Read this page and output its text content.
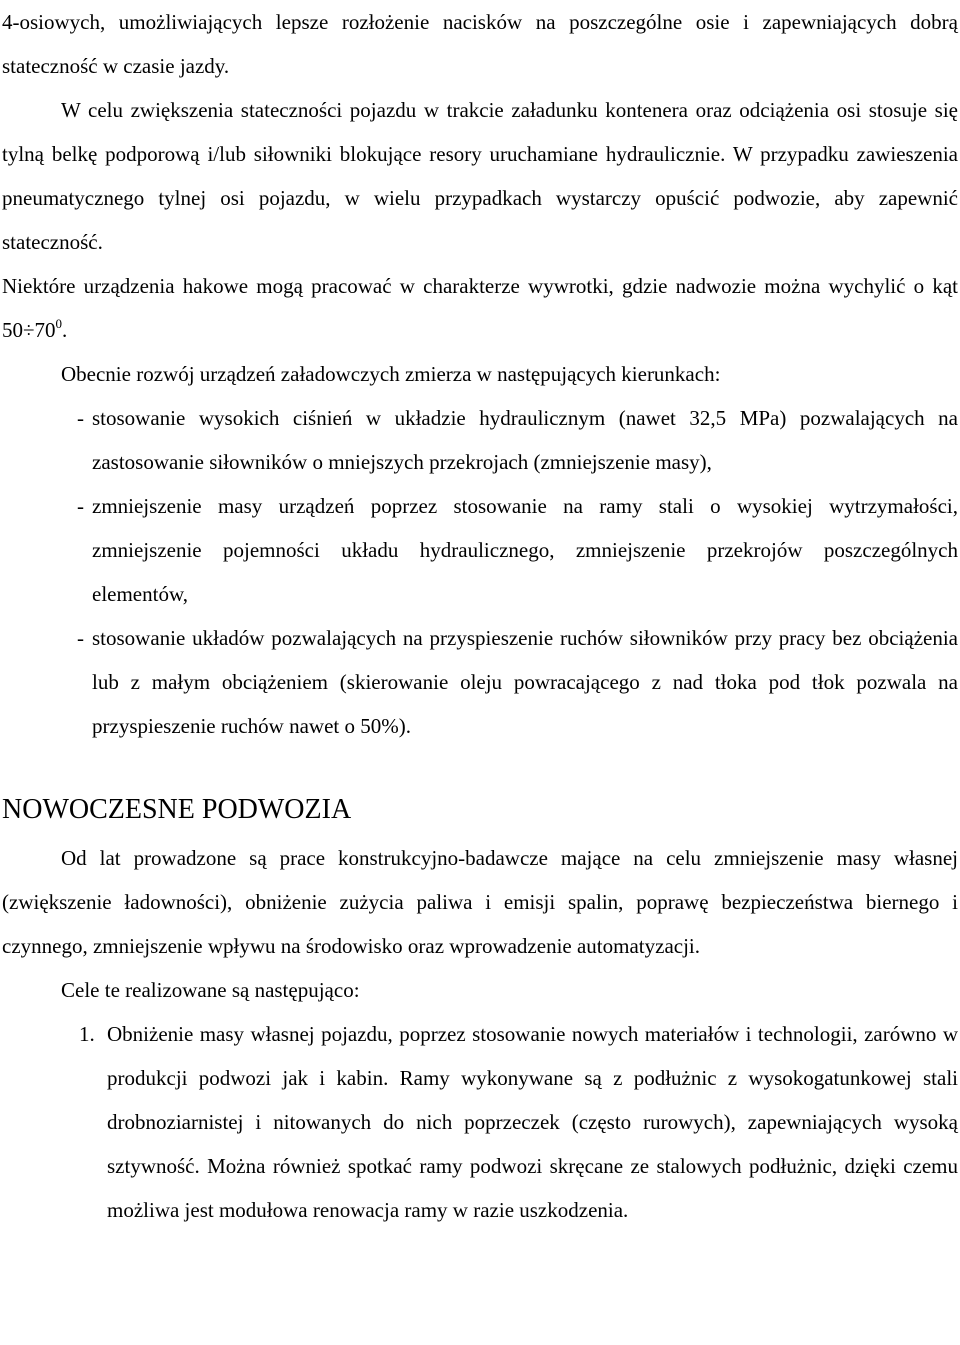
4-osiowych, umożliwiających lepsze rozłożenie nacisków na poszczególne osie i zapewniających dobrą stateczność w czasie jazdy.

W celu zwiększenia stateczności pojazdu w trakcie załadunku kontenera oraz odciążenia osi stosuje się tylną belkę podporową i/lub siłowniki blokujące resory uruchamiane hydraulicznie. W przypadku zawieszenia pneumatycznego tylnej osi pojazdu, w wielu przypadkach wystarczy opuścić podwozie, aby zapewnić stateczność.

Niektóre urządzenia hakowe mogą pracować w charakterze wywrotki, gdzie nadwozie można wychylić o kąt $50\div 70^0$.

Obecnie rozwój urządzeń załadowczych zmierza w następujących kierunkach:

- stosowanie wysokich ciśnień w układzie hydraulicznym (nawet 32,5 MPa) pozwalających na zastosowanie siłowników o mniejszych przekrojach (zmniejszenie masy),
- zmniejszenie masy urządzeń poprzez stosowanie na ramy stali o wysokiej wytrzymałości, zmniejszenie pojemności układu hydraulicznego, zmniejszenie przekrojów poszczególnych elementów,
- stosowanie układów pozwalających na przyspieszenie ruchów siłowników przy pracy bez obciążenia lub z małym obciążeniem (skierowanie oleju powracającego z nad tłoka pod tłok pozwala na przyspieszenie ruchów nawet o 50%).
NOWOCZESNE PODWOZIA

Od lat prowadzone są prace konstrukcyjno-badawcze mające na celu zmniejszenie masy własnej (zwiększenie ładowności), obniżenie zużycia paliwa i emisji spalin, poprawę bezpieczeństwa biernego i czynnego, zmniejszenie wpływu na środowisko oraz wprowadzenie automatyzacji.

Cele te realizowane są następująco:

1. Obniżenie masy własnej pojazdu, poprzez stosowanie nowych materiałów i technologii, zarówno w produkcji podwozi jak i kabin. Ramy wykonywane są z podłużnic z wysokogatunkowej stali drobnoziarnistej i nitowanych do nich poprzeczek (często rurowych), zapewniających wysoką sztywność. Można również spotkać ramy podwozi skręcane ze stalowych podłużnic, dzięki czemu możliwa jest modułowa renowacja ramy w razie uszkodzenia.
